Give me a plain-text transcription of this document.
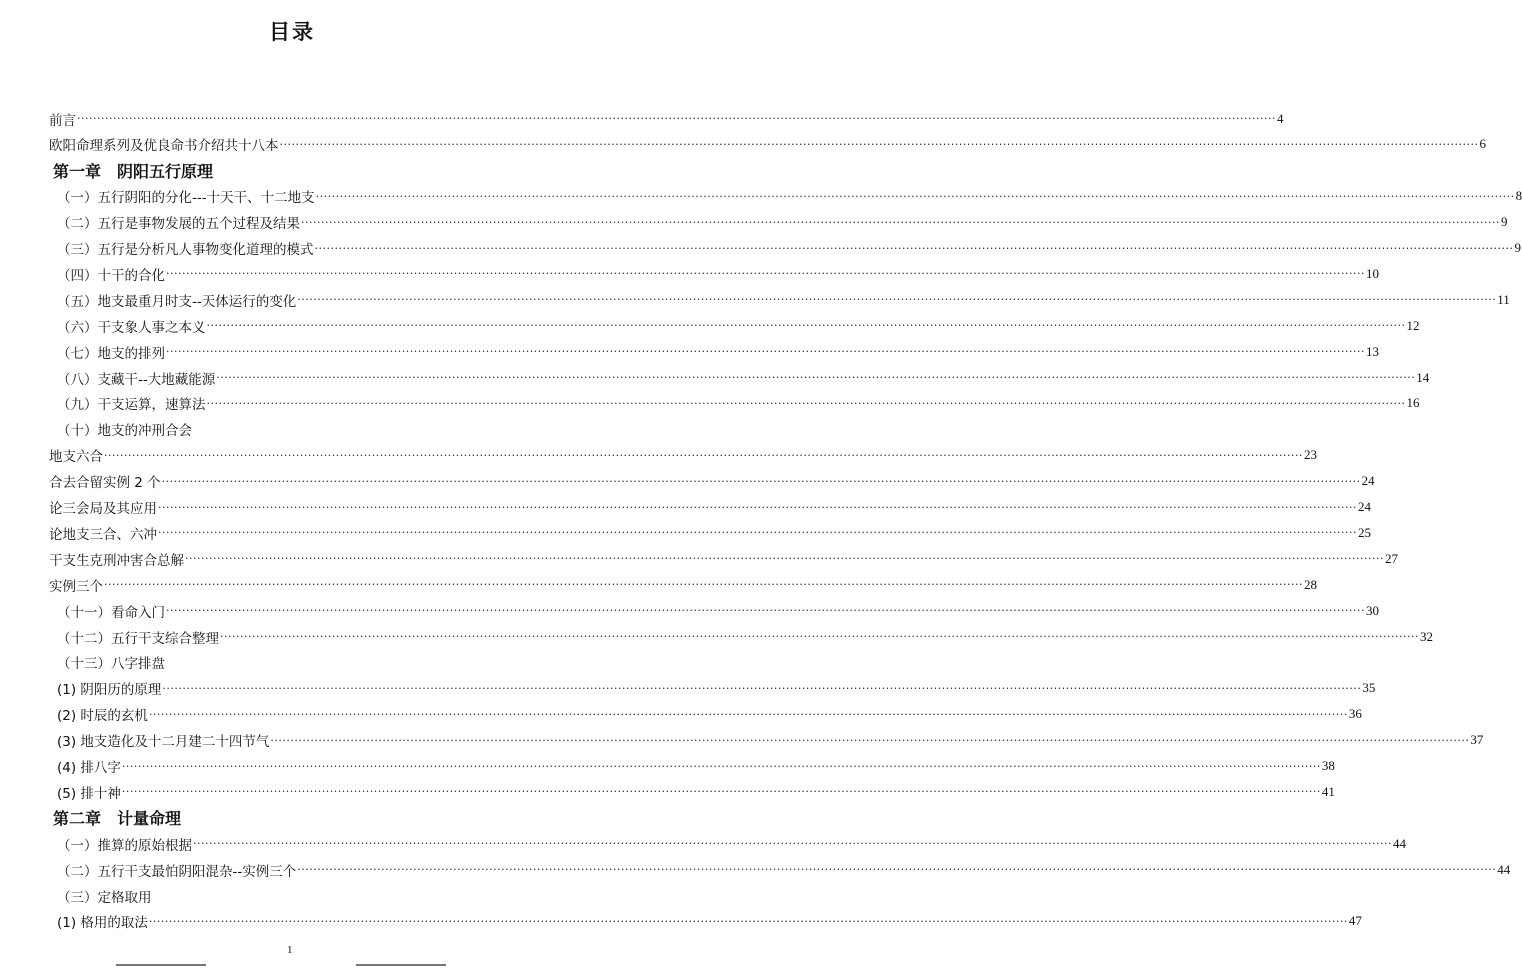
目录
前言 ············································································································································································································································································································ 4
欧阳命理系列及优良命书介绍共十八本 ············································································································································································································································································································ 6
第一章　阴阳五行原理
（一）五行阴阳的分化---十天干、十二地支 ············································································································································································································································································································ 8
（二）五行是事物发展的五个过程及结果 ············································································································································································································································································································ 9
（三）五行是分析凡人事物变化道理的模式 ············································································································································································································································································································ 9
（四）十干的合化 ············································································································································································································································································································ 10
（五）地支最重月时支--天体运行的变化 ············································································································································································································································································································ 11
（六）干支象人事之本义 ············································································································································································································································································································ 12
（七）地支的排列 ············································································································································································································································································································ 13
（八）支藏干--大地藏能源 ············································································································································································································································································································ 14
（九）干支运算，速算法 ············································································································································································································································································································ 16
（十）地支的冲刑合会
地支六合 ············································································································································································································································································································ 23
合去合留实例 2 个 ············································································································································································································································································································ 24
论三会局及其应用 ············································································································································································································································································································ 24
论地支三合、六冲 ············································································································································································································································································································ 25
干支生克刑冲害合总解 ············································································································································································································································································································ 27
实例三个 ············································································································································································································································································································ 28
（十一）看命入门 ············································································································································································································································································································ 30
（十二）五行干支综合整理 ············································································································································································································································································································ 32
（十三）八字排盘
(1) 阴阳历的原理 ············································································································································································································································································································ 35
(2) 时辰的玄机 ············································································································································································································································································································ 36
(3) 地支造化及十二月建二十四节气 ············································································································································································································································································································ 37
(4) 排八字 ············································································································································································································································································································ 38
(5) 排十神 ············································································································································································································································································································ 41
第二章　计量命理
（一）推算的原始根据 ············································································································································································································································································································ 44
（二）五行干支最怕阴阳混杂--实例三个 ············································································································································································································································································································ 44
（三）定格取用
(1) 格用的取法 ············································································································································································································································································································ 47
1
